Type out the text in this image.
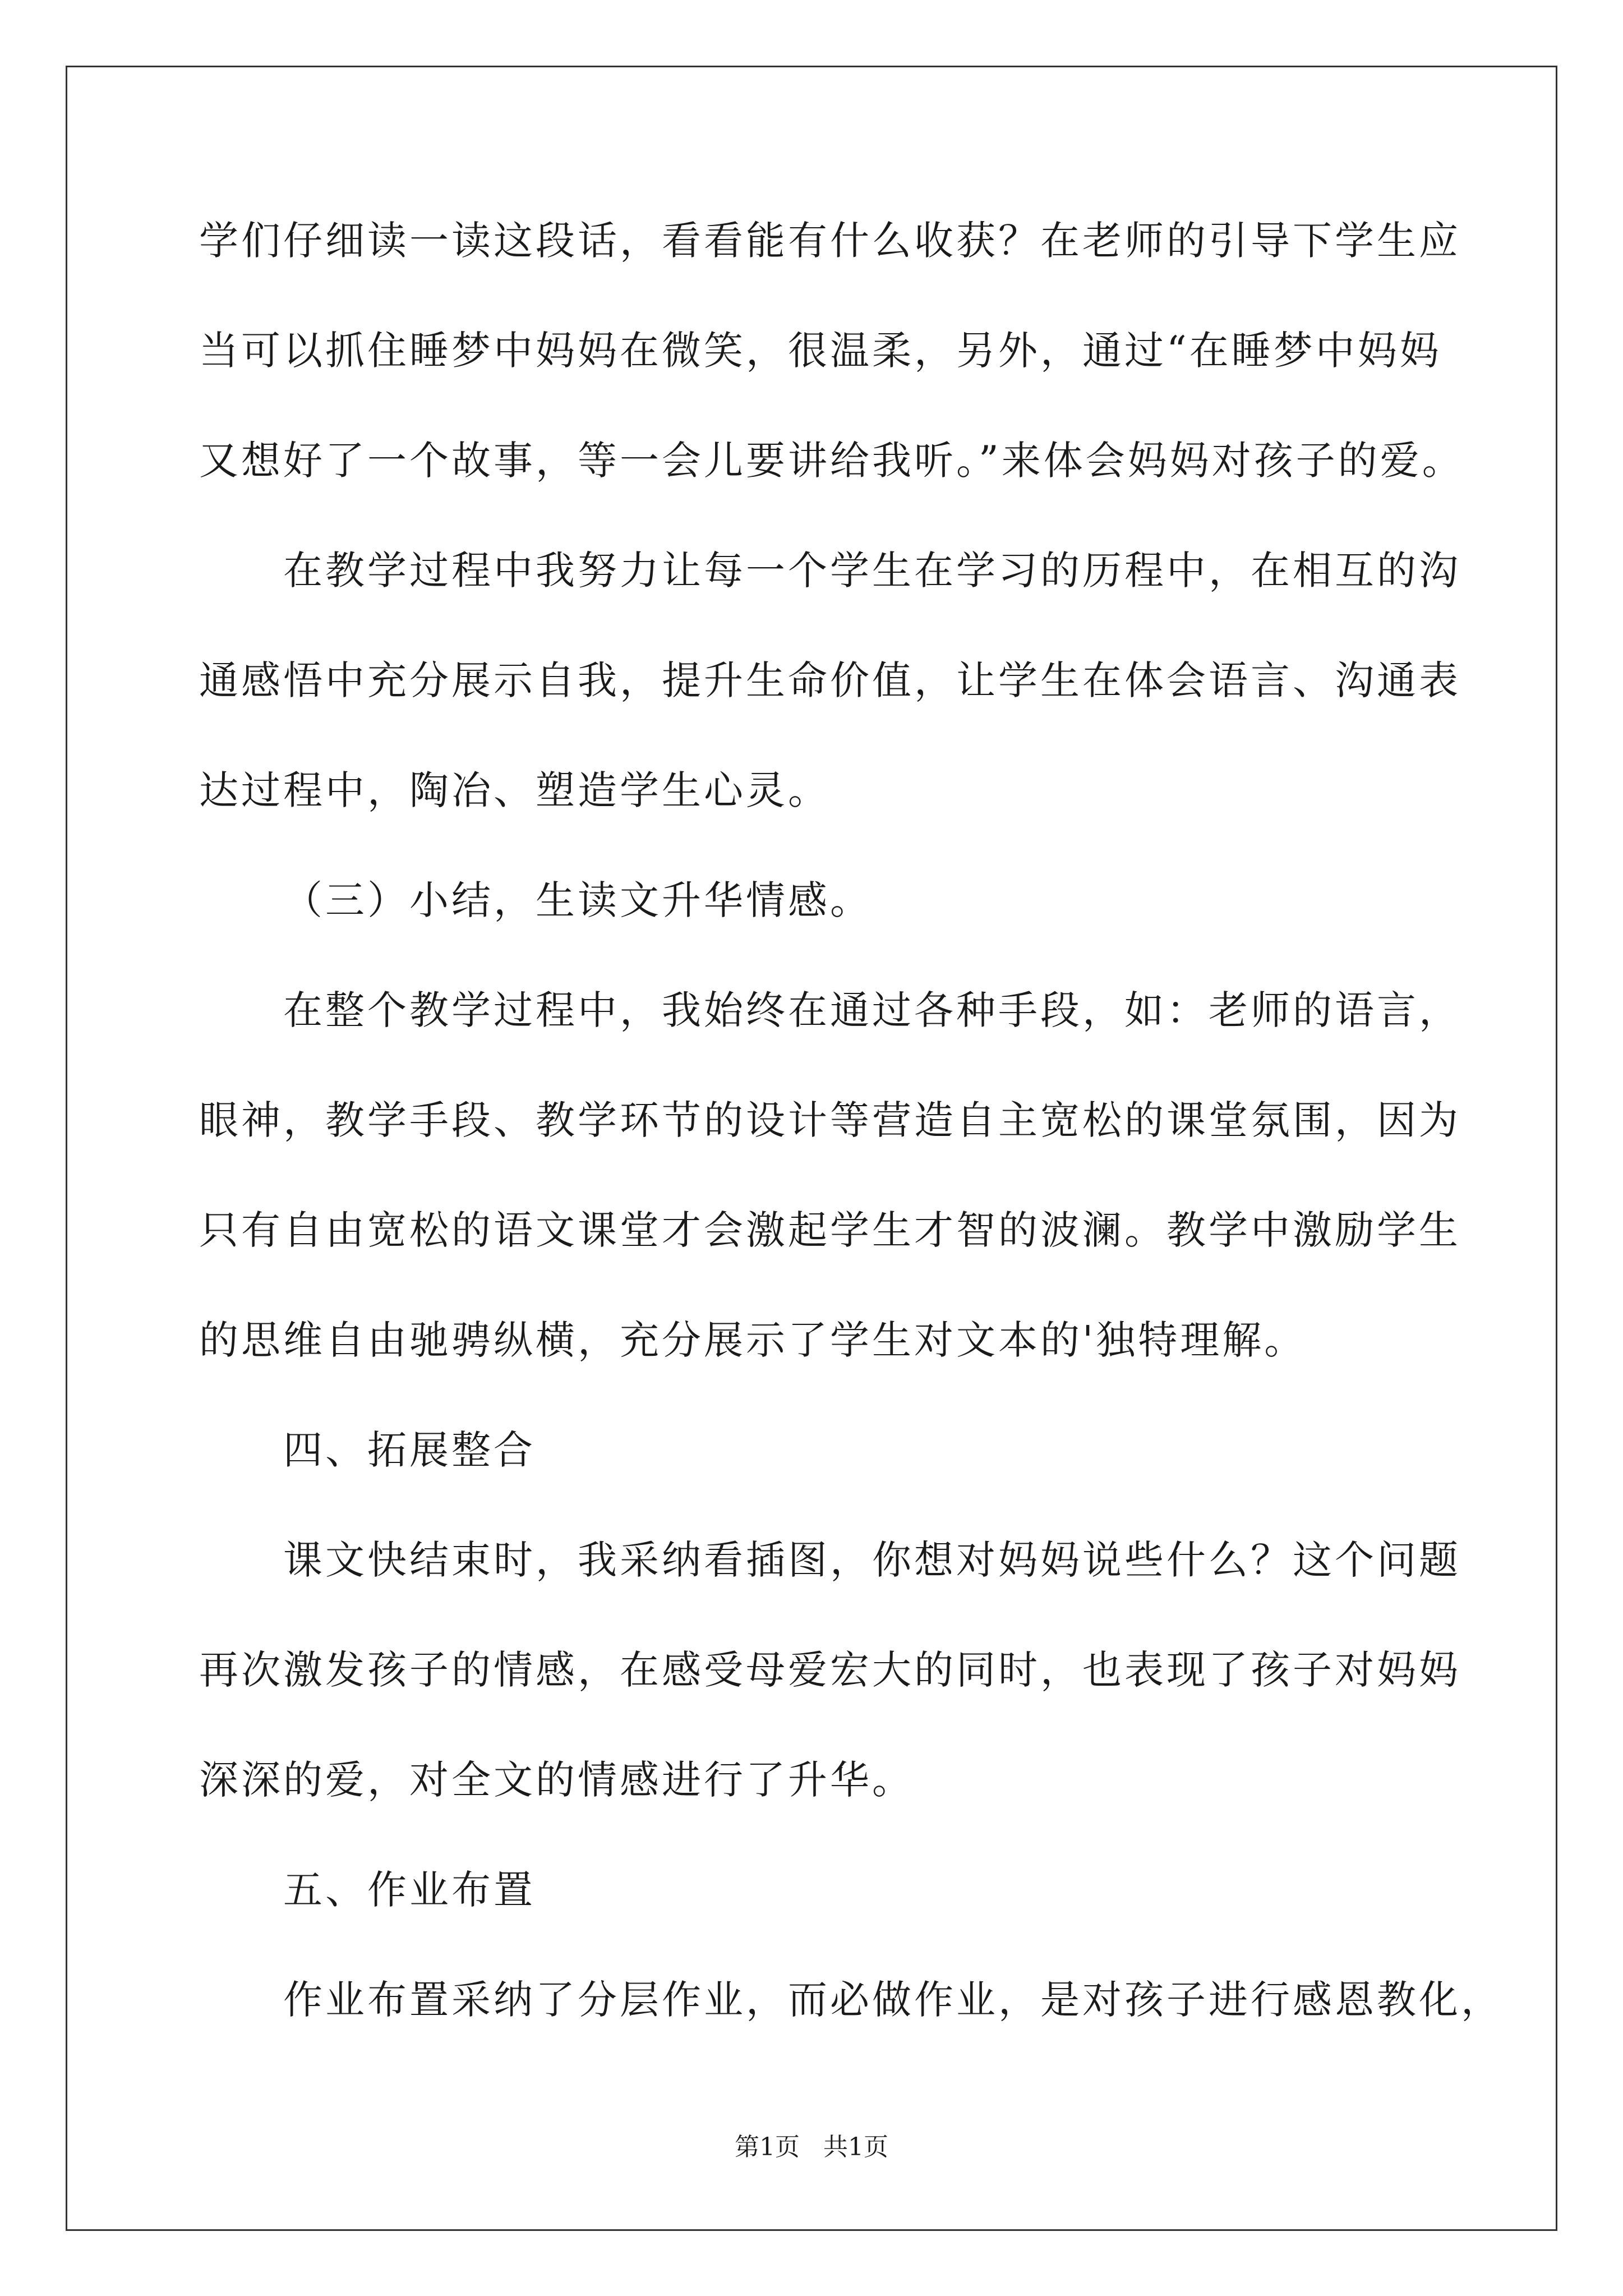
学们仔细读一读这段话，看看能有什么收获？在老师的引导下学生应
当可以抓住睡梦中妈妈在微笑，很温柔，另外，通过“在睡梦中妈妈
又想好了一个故事，等一会儿要讲给我听。”来体会妈妈对孩子的爱。
在教学过程中我努力让每一个学生在学习的历程中，在相互的沟
通感悟中充分展示自我，提升生命价值，让学生在体会语言、沟通表
达过程中，陶冶、塑造学生心灵。
（三）小结，生读文升华情感。
在整个教学过程中，我始终在通过各种手段，如：老师的语言，
眼神，教学手段、教学环节的设计等营造自主宽松的课堂氛围，因为
只有自由宽松的语文课堂才会激起学生才智的波澜。教学中激励学生
的思维自由驰骋纵横，充分展示了学生对文本的'独特理解。
四、拓展整合
课文快结束时，我采纳看插图，你想对妈妈说些什么？这个问题
再次激发孩子的情感，在感受母爱宏大的同时，也表现了孩子对妈妈
深深的爱，对全文的情感进行了升华。
五、作业布置
作业布置采纳了分层作业，而必做作业，是对孩子进行感恩教化，
第1页   共1页
